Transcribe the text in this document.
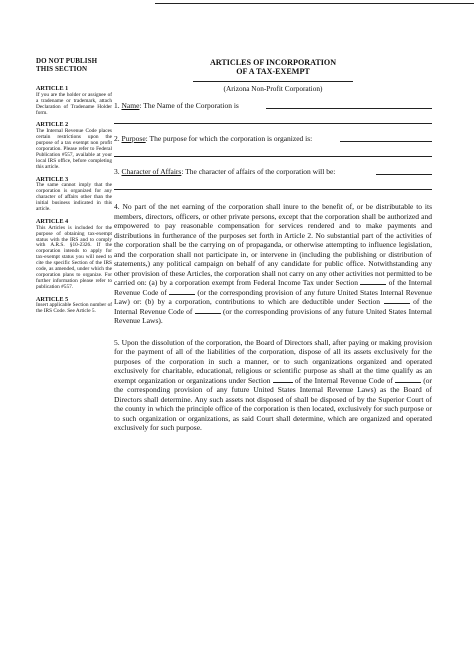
DO NOT PUBLISH THIS SECTION
ARTICLE 1
If you are the holder or assignee of a tradename or trademark, attach Declaration of Tradename Holder form.
ARTICLE 2
The Internal Revenue Code places certain restrictions upon the purpose of a tax exempt non profit corporation. Please refer to Federal Publication #557, available at your local IRS office, before completing this article.
ARTICLE 3
The same cannot imply that the corporation is organized for any character of affairs other than the initial business indicated in this article.
ARTICLE 4
This Articles is included for the purpose of obtaining tax-exempt status with the IRS and to comply with A.R.S. §10-2326. If the corporation intends to apply for tax-exempt status you will need to cite the specific Section of the IRS code, as amended, under which the corporation plans to organize. For further information please refer to publication #557.
ARTICLE 5
Insert applicable Section number of the IRS Code. See Article 5.
ARTICLES OF INCORPORATION
OF A TAX-EXEMPT
(Arizona Non-Profit Corporation)
1. Name: The Name of the Corporation is
2. Purpose: The purpose for which the corporation is organized is:
3. Character of Affairs: The character of affairs of the corporation will be:

4. No part of the net earning of the corporation shall inure to the benefit of, or be distributable to its members, directors, officers, or other private persons, except that the corporation shall be authorized and empowered to pay reasonable compensation for services rendered and to make payments and distributions in furtherance of the purposes set forth in Article 2. No substantial part of the activities of the corporation shall be the carrying on of propaganda, or otherwise attempting to influence legislation, and the corporation shall not participate in, or intervene in (including the publishing or distribution of statements,) any political campaign on behalf of any candidate for public office. Notwithstanding any other provision of these Articles, the corporation shall not carry on any other activities not permitted to be carried on: (a) by a corporation exempt from Federal Income Tax under Section	of the Internal Revenue Code of	(or the corresponding provision of any future United States Internal Revenue Law) or: (b) by a corporation, contributions to which are deductible under Section	of the Internal Revenue Code of	(or the corresponding provisions of any future United States Internal Revenue Laws).

5. Upon the dissolution of the corporation, the Board of Directors shall, after paying or making provision for the payment of all of the liabilities of the corporation, dispose of all its assets exclusively for the purposes of the corporation in such a manner, or to such organizations organized and operated exclusively for charitable, educational, religious or scientific purpose as shall at the time qualify as an exempt organization or organizations under Section	of the Internal Revenue Code of	(or the corresponding provision of any future United States Internal Revenue Laws) as the Board of Directors shall determine. Any such assets not disposed of shall be disposed of by the Superior Court of the county in which the principle office of the corporation is then located, exclusively for such purpose or to such organization or organizations, as said Court shall determine, which are organized and operated exclusively for such purpose.
